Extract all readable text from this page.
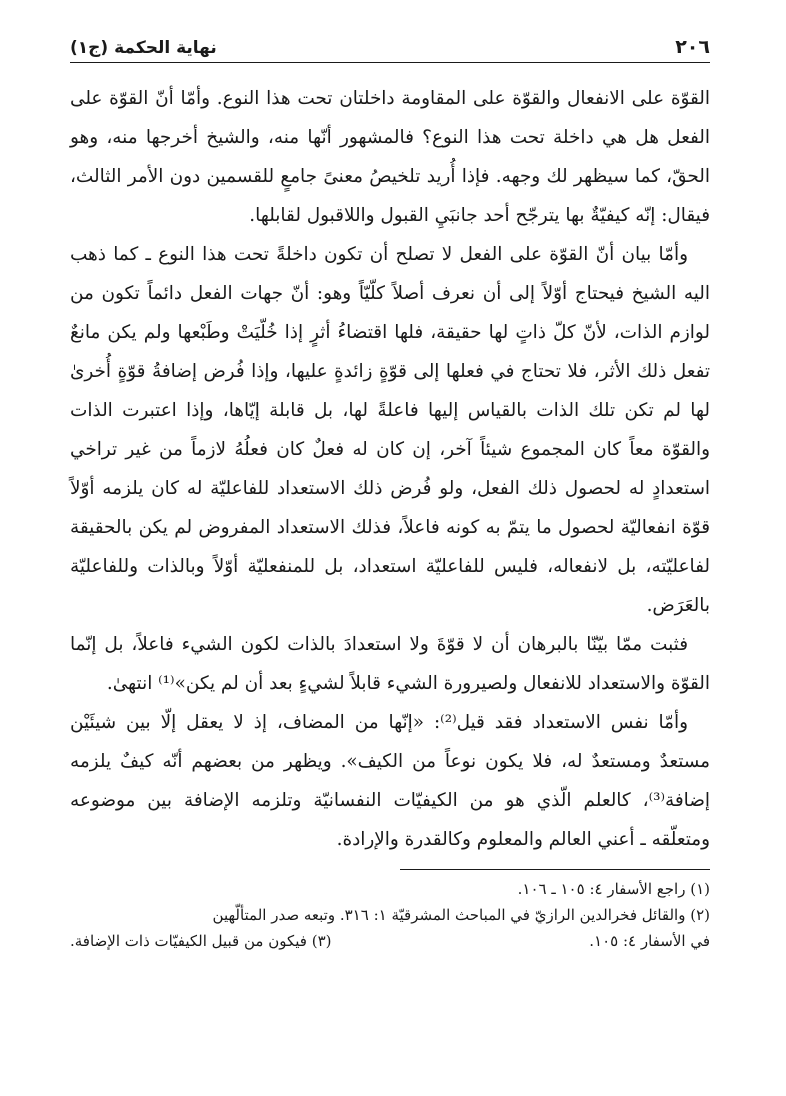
٢٠٦
نهاية الحكمة (ج١)

القوّة على الانفعال والقوّة على المقاومة داخلتان تحت هذا النوع. وأمّا أنّ القوّة على الفعل هل هي داخلة تحت هذا النوع؟ فالمشهور أنّها منه، والشيخ أخرجها منه، وهو الحقّ، كما سيظهر لك وجهه. فإذا أُريد تلخيصُ معنىً جامعٍ للقسمين دون الأمر الثالث، فيقال: إنّه كيفيّةٌ بها يترجّح أحد جانبَيِ القبول واللاقبول لقابلها.

وأمّا بيان أنّ القوّة على الفعل لا تصلح أن تكون داخلةً تحت هذا النوع ـ كما ذهب اليه الشيخ فيحتاج أوّلاً إلى أن نعرف أصلاً كلّيّاً وهو: أنّ جهات الفعل دائماً تكون من لوازم الذات، لأنّ كلّ ذاتٍ لها حقيقة، فلها اقتضاءُ أثرٍ إذا خُلّيَتْ وطَبْعها ولم يكن مانعٌ تفعل ذلك الأثر، فلا تحتاج في فعلها إلى قوّةٍ زائدةٍ عليها، وإذا فُرض إضافةُ قوّةٍ أُخرىٰ لها لم تكن تلك الذات بالقياس إليها فاعلةً لها، بل قابلة إيّاها، وإذا اعتبرت الذات والقوّة معاً كان المجموع شيئاً آخر، إن كان له فعلٌ كان فعلُهُ لازماً من غير تراخي استعدادٍ له لحصول ذلك الفعل، ولو فُرض ذلك الاستعداد للفاعليّة له كان يلزمه أوّلاً قوّة انفعاليّة لحصول ما يتمّ به كونه فاعلاً، فذلك الاستعداد المفروض لم يكن بالحقيقة لفاعليّته، بل لانفعاله، فليس للفاعليّة استعداد، بل للمنفعليّة أوّلاً وبالذات وللفاعليّة بالعَرَض.

فثبت ممّا بيّنّا بالبرهان أن لا قوّةَ ولا استعدادَ بالذات لكون الشيء فاعلاً، بل إنّما القوّة والاستعداد للانفعال ولصيرورة الشيء قابلاً لشيءٍ بعد أن لم يكن»⁽¹⁾ انتهىٰ.

وأمّا نفس الاستعداد فقد قيل⁽²⁾: «إنّها من المضاف، إذ لا يعقل إلّا بين شيئَيْن مستعدٌ ومستعدٌ له، فلا يكون نوعاً من الكيف». ويظهر من بعضهم أنّه كيفٌ يلزمه إضافة⁽³⁾، كالعلم الّذي هو من الكيفيّات النفسانيّة وتلزمه الإضافة بين موضوعه ومتعلّقه ـ أعني العالم والمعلوم وكالقدرة والإرادة.

(١) راجع الأسفار ٤: ١٠٥ ـ ١٠٦.

(٢) والقائل فخرالدين الرازيّ في المباحث المشرقيّة ١: ٣١٦. وتبعه صدر المتألّهين

في الأسفار ٤: ١٠٥.
(٣) فيكون من قبيل الكيفيّات ذات الإضافة.
